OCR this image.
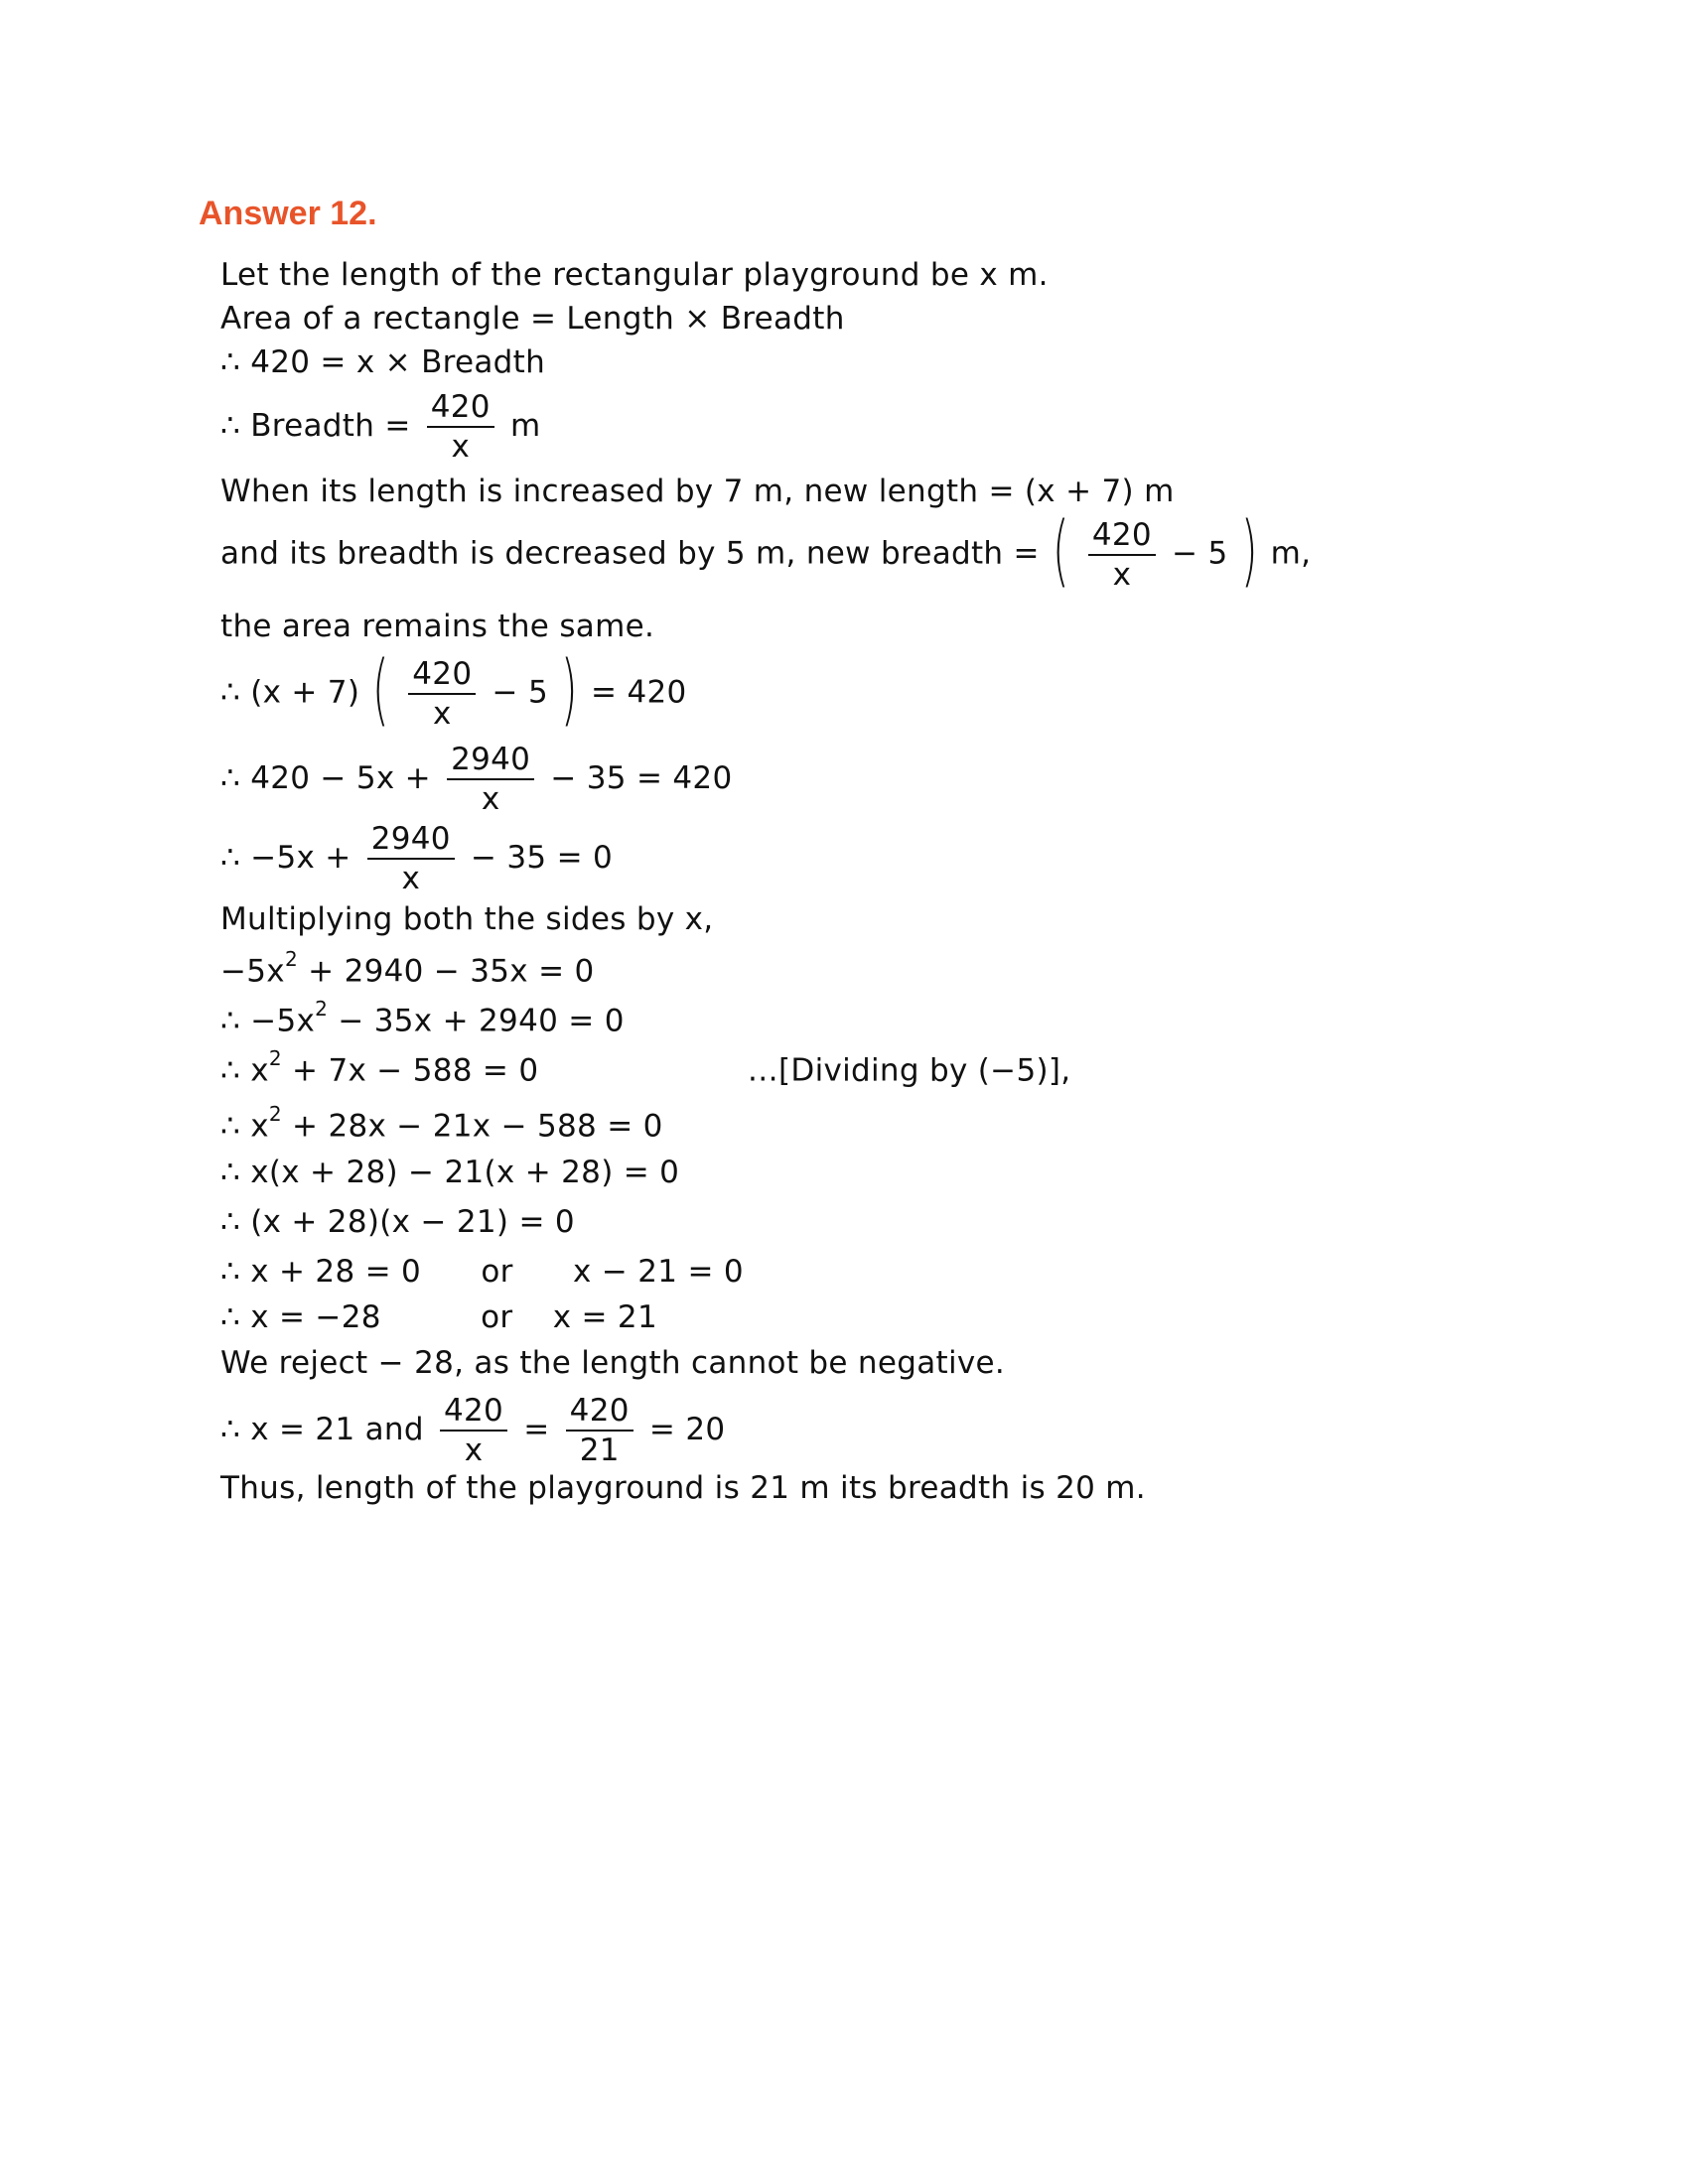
Answer 12.
Let the length of the rectangular playground be x m.
Area of a rectangle = Length × Breadth
∴ 420 = x × Breadth
∴ Breadth = $\frac{420}{x}$ m
When its length is increased by 7 m, new length = (x + 7) m
and its breadth is decreased by 5 m, new breadth = ( $\frac{420}{x} - 5$ ) m,
the area remains the same.
∴ (x + 7) ( $\frac{420}{x} - 5$ ) = 420
∴ $420 - 5x + \frac{2940}{x} - 35 = 420$
∴ $-5x + \frac{2940}{x} - 35 = 0$
Multiplying both the sides by x,
$-5x^2 + 2940 - 35x = 0$
∴ $-5x^2 - 35x + 2940 = 0$
∴ $x^2 + 7x - 588 = 0$	…[Dividing by (−5)],
∴ $x^2 + 28x - 21x - 588 = 0$
∴ x(x + 28) − 21(x + 28) = 0
∴ (x + 28)(x − 21) = 0
∴ x + 28 = 0 or x − 21 = 0
∴ x = −28	or x = 21
We reject − 28, as the length cannot be negative.
∴ x = 21 and $\frac{420}{x} = \frac{420}{21} = 20$
Thus, length of the playground is 21 m its breadth is 20 m.
